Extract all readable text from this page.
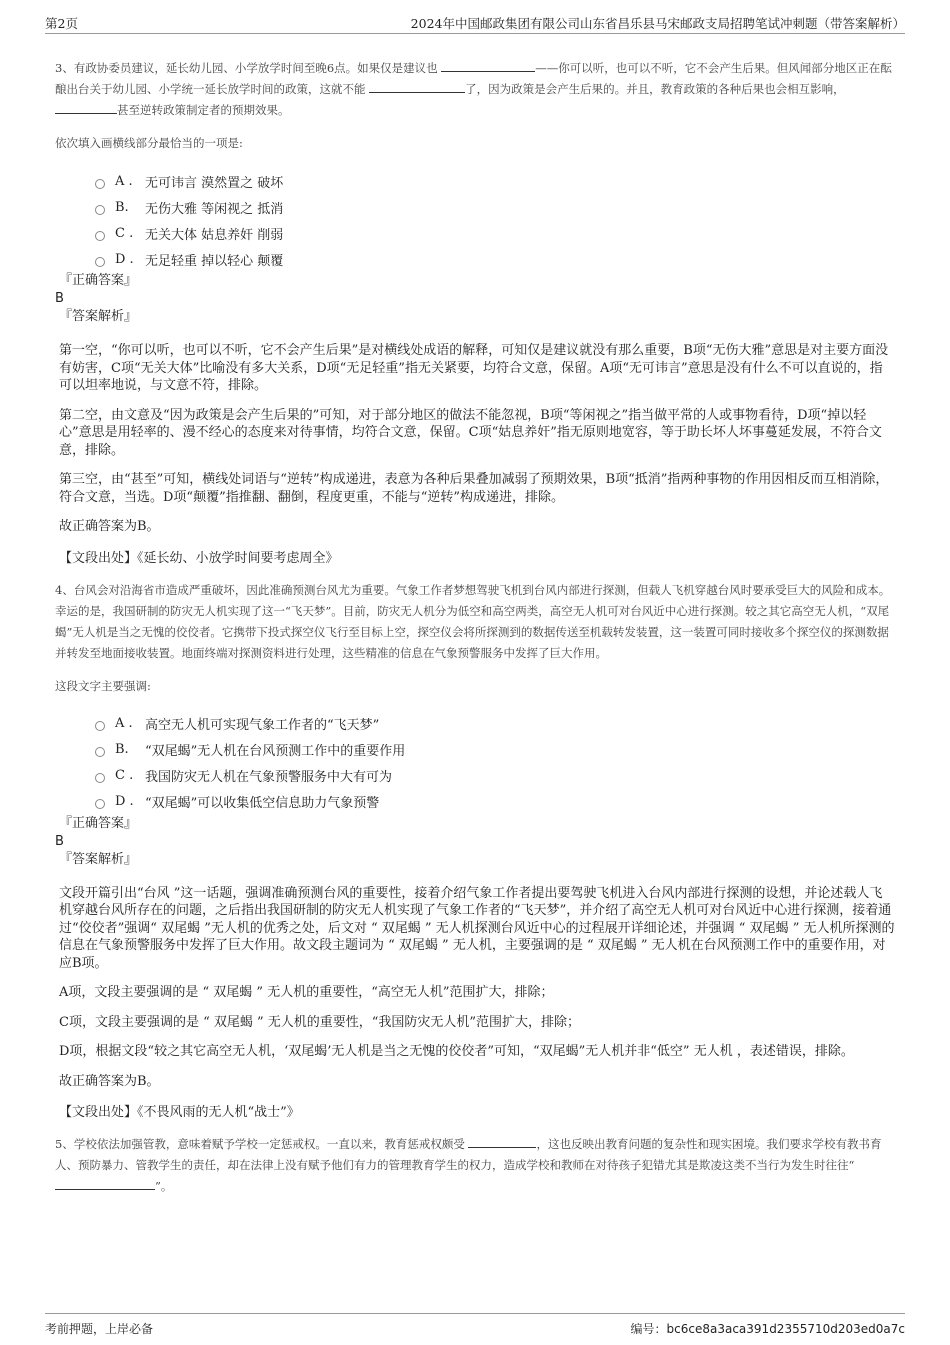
第2页	2024年中国邮政集团有限公司山东省昌乐县马宋邮政支局招聘笔试冲刺题（带答案解析）
3、有政协委员建议，延长幼儿园、小学放学时间至晚6点。如果仅是建议也	——你可以听，也可以不听，它不会产生后果。但风闻部分地区正在酝酿出台关于幼儿园、小学统一延长放学时间的政策，这就不能	了，因为政策是会产生后果的。并且，教育政策的各种后果也会相互影响，甚至逆转政策制定者的预期效果。
依次填入画横线部分最恰当的一项是:
A . 无可讳言 漠然置之 破坏
B.	无伤大雅 等闲视之 抵消
C . 无关大体 姑息养奸 削弱
D . 无足轻重 掉以轻心 颠覆
『正确答案』
B
『答案解析』
第一空，“你可以听，也可以不听，它不会产生后果”是对横线处成语的解释，可知仅是建议就没有那么重要，B项“无伤大雅”意思是对主要方面没有妨害，C项“无关大体”比喻没有多大关系，D项“无足轻重”指无关紧要，均符合文意，保留。A项“无可讳言”意思是没有什么不可以直说的，指可以坦率地说，与文意不符，排除。
第二空，由文意及“因为政策是会产生后果的”可知，对于部分地区的做法不能忽视，B项“等闲视之”指当做平常的人或事物看待，D项“掉以轻心”意思是用轻率的、漫不经心的态度来对待事情，均符合文意，保留。C项“姑息养奸”指无原则地宽容，等于助长坏人坏事蔓延发展，不符合文意，排除。
第三空，由“甚至”可知，横线处词语与“逆转”构成递进，表意为各种后果叠加减弱了预期效果，B项“抵消”指两种事物的作用因相反而互相消除，符合文意，当选。D项“颠覆”指推翻、翻倒，程度更重，不能与“逆转”构成递进，排除。
故正确答案为B。
【文段出处】《延长幼、小放学时间要考虑周全》
4、台风会对沿海省市造成严重破坏，因此准确预测台风尤为重要。气象工作者梦想驾驶飞机到台风内部进行探测，但载人飞机穿越台风时要承受巨大的风险和成本。幸运的是，我国研制的防灾无人机实现了这一“飞天梦”。目前，防灾无人机分为低空和高空两类，高空无人机可对台风近中心进行探测。较之其它高空无人机，“双尾蝎”无人机是当之无愧的佼佼者。它携带下投式探空仪飞行至目标上空，探空仪会将所探测到的数据传送至机载转发装置，这一装置可同时接收多个探空仪的探测数据并转发至地面接收装置。地面终端对探测资料进行处理，这些精准的信息在气象预警服务中发挥了巨大作用。
这段文字主要强调:
A . 高空无人机可实现气象工作者的“飞天梦”
B.	“双尾蝎”无人机在台风预测工作中的重要作用
C . 我国防灾无人机在气象预警服务中大有可为
D . “双尾蝎”可以收集低空信息助力气象预警
『正确答案』
B
『答案解析』
文段开篇引出“台风 ”这一话题，强调准确预测台风的重要性，接着介绍气象工作者提出要驾驶飞机进入台风内部进行探测的设想，并论述载人飞机穿越台风所存在的问题，之后指出我国研制的防灾无人机实现了气象工作者的“飞天梦”，并介绍了高空无人机可对台风近中心进行探测，接着通过“佼佼者”强调“ 双尾蝎 ”无人机的优秀之处，后文对 “ 双尾蝎 ” 无人机探测台风近中心的过程展开详细论述，并强调 “ 双尾蝎 ” 无人机所探测的信息在气象预警服务中发挥了巨大作用。故文段主题词为 “ 双尾蝎 ” 无人机，主要强调的是 “ 双尾蝎 ” 无人机在台风预测工作中的重要作用，对应B项。
A项，文段主要强调的是 “ 双尾蝎 ” 无人机的重要性，“高空无人机”范围扩大，排除；
C项，文段主要强调的是 “ 双尾蝎 ” 无人机的重要性，“我国防灾无人机”范围扩大，排除；
D项，根据文段“较之其它高空无人机，‘双尾蝎’无人机是当之无愧的佼佼者”可知，“双尾蝎”无人机并非“低空” 无人机 ，表述错误，排除。
故正确答案为B。
【文段出处】《不畏风雨的无人机“战士”》
5、学校依法加强管教，意味着赋予学校一定惩戒权。一直以来，教育惩戒权颇受	，这也反映出教育问题的复杂性和现实困境。我们要求学校有教书育人、预防暴力、管教学生的责任，却在法律上没有赋予他们有力的管理教育学生的权力，造成学校和教师在对待孩子犯错尤其是欺凌这类不当行为发生时往往“ ”。
考前押题，上岸必备	编号：bc6ce8a3aca391d2355710d203ed0a7c
